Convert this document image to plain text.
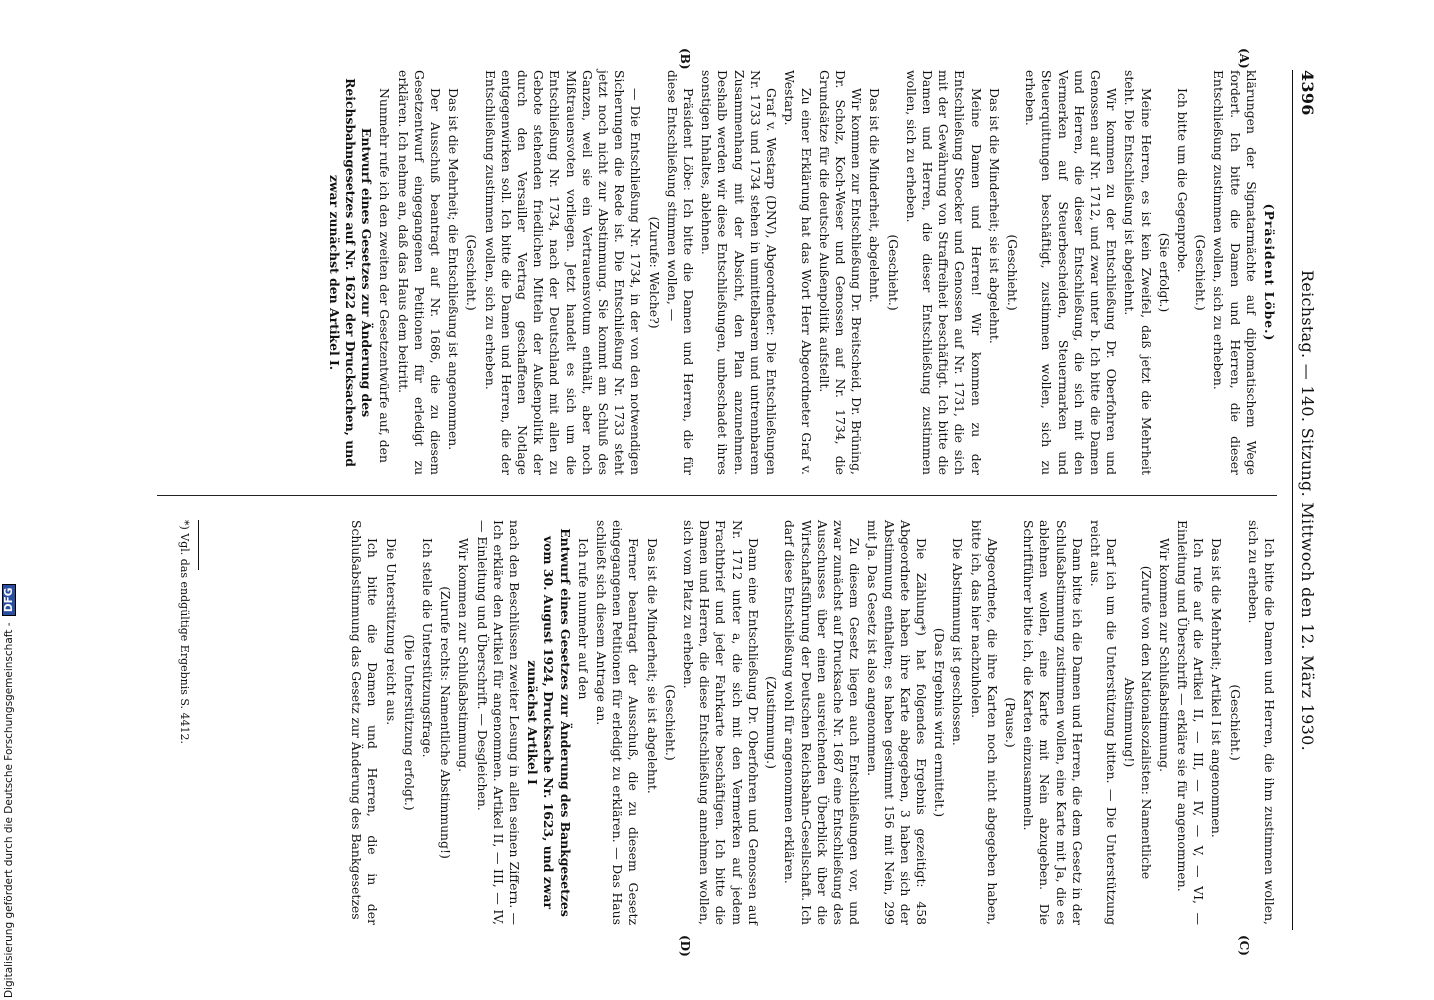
4396
Reichstag. — 140. Sitzung. Mittwoch den 12. März 1930.
(A)
(B)
(C)
(D)

(Präsident Löbe.)

klärungen der Signatarmächte auf diplomatischem Wege fordert. Ich bitte die Damen und Herren, die dieser Entschließung zustimmen wollen, sich zu erheben.

(Geschieht.)

Ich bitte um die Gegenprobe.

(Sie erfolgt.)

Meine Herren, es ist kein Zweifel, daß jetzt die Mehrheit steht. Die Entschließung ist abgelehnt.

Wir kommen zu der Entschließung Dr. Oberfohren und Genossen auf Nr. 1712, und zwar unter b. Ich bitte die Damen und Herren, die dieser Entschließung, die sich mit den Vermerken auf Steuerbescheiden, Steuermarken und Steuerquittungen beschäftigt, zustimmen wollen, sich zu erheben.

(Geschieht.)

Das ist die Minderheit; sie ist abgelehnt.

Meine Damen und Herren! Wir kommen zu der Entschließung Stoecker und Genossen auf Nr. 1731, die sich mit der Gewährung von Straffreiheit beschäftigt. Ich bitte die Damen und Herren, die dieser Entschließung zustimmen wollen, sich zu erheben.

(Geschieht.)

Das ist die Minderheit, abgelehnt.

Wir kommen zur Entschließung Dr. Breitscheid, Dr. Brüning, Dr. Scholz, Koch-Weser und Genossen auf Nr. 1734, die Grundsätze für die deutsche Außenpolitik aufstellt.

Zu einer Erklärung hat das Wort Herr Abgeordneter Graf v. Westarp.

Graf v. Westarp (DNV), Abgeordneter: Die Entschließungen Nr. 1733 und 1734 stehen in unmittelbarem und untrennbarem Zusammenhang mit der Absicht, den Plan anzunehmen. Deshalb werden wir diese Entschließungen, unbeschadet ihres sonstigen Inhaltes, ablehnen.

Präsident Löbe: Ich bitte die Damen und Herren, die für diese Entschließung stimmen wollen, —

(Zurufe: Welche?)

— Die Entschließung Nr. 1734, in der von den notwendigen Sicherungen die Rede ist. Die Entschließung Nr. 1733 steht jetzt noch nicht zur Abstimmung. Sie kommt am Schluß des Ganzen, weil sie ein Vertrauensvotum enthält, aber noch Mißtrauensvoten vorliegen. Jetzt handelt es sich um die Entschließung Nr. 1734, nach der Deutschland mit allen zu Gebote stehenden friedlichen Mitteln der Außenpolitik der durch den Versailler Vertrag geschaffenen Notlage entgegenwirken soll. Ich bitte die Damen und Herren, die der Entschließung zustimmen wollen, sich zu erheben.

(Geschieht.)

Das ist die Mehrheit; die Entschließung ist angenommen.

Der Ausschuß beantragt auf Nr. 1686, die zu diesem Gesetzentwurf eingegangenen Petitionen für erledigt zu erklären. Ich nehme an, daß das Haus dem beitritt.

Nunmehr rufe ich den zweiten der Gesetzentwürfe auf, den

Entwurf eines Gesetzes zur Änderung des Reichsbahngesetzes auf Nr. 1622 der Drucksachen, und zwar zunächst den Artikel I.

Ich bitte die Damen und Herren, die ihm zustimmen wollen, sich zu erheben.

(Geschieht.)

Das ist die Mehrheit; Artikel I ist angenommen.

Ich rufe auf die Artikel II, — III, — IV, — V, — VI, — Einleitung und Überschrift — erkläre sie für angenommen.

Wir kommen zur Schlußabstimmung.

(Zurufe von den Nationalsozialisten: Namentliche Abstimmung!)

Darf ich um die Unterstützung bitten. — Die Unterstützung reicht aus.

Dann bitte ich die Damen und Herren, die dem Gesetz in der Schlußabstimmung zustimmen wollen, eine Karte mit Ja, die es ablehnen wollen, eine Karte mit Nein abzugeben. Die Schriftführer bitte ich, die Karten einzusammeln.

(Pause.)

Abgeordnete, die ihre Karten noch nicht abgegeben haben, bitte ich, das hier nachzuholen.

Die Abstimmung ist geschlossen.

(Das Ergebnis wird ermittelt.)

Die Zählung*) hat folgendes Ergebnis gezeitigt: 458 Abgeordnete haben ihre Karte abgegeben, 3 haben sich der Abstimmung enthalten; es haben gestimmt 156 mit Nein, 299 mit Ja. Das Gesetz ist also angenommen.

Zu diesem Gesetz liegen auch Entschließungen vor, und zwar zunächst auf Drucksache Nr. 1687 eine Entschließung des Ausschusses über einen ausreichenden Überblick über die Wirtschaftsführung der Deutschen Reichsbahn-Gesellschaft. Ich darf diese Entschließung wohl für angenommen erklären.

(Zustimmung.)

Dann eine Entschließung Dr. Oberfohren und Genossen auf Nr. 1712 unter a, die sich mit den Vermerken auf jedem Frachtbrief und jeder Fahrkarte beschäftigen. Ich bitte die Damen und Herren, die diese Entschließung annehmen wollen, sich vom Platz zu erheben.

(Geschieht.)

Das ist die Minderheit; sie ist abgelehnt.

Ferner beantragt der Ausschuß, die zu diesem Gesetz eingegangenen Petitionen für erledigt zu erklären. — Das Haus schließt sich diesem Antrage an.

Ich rufe nunmehr auf den

Entwurf eines Gesetzes zur Änderung des Bankgesetzes vom 30. August 1924, Drucksache Nr. 1623, und zwar zunächst Artikel I

nach den Beschlüssen zweiter Lesung in allen seinen Ziffern. — Ich erkläre den Artikel für angenommen. Artikel II, — III, — IV, — Einleitung und Überschrift. — Desgleichen.

Wir kommen zur Schlußabstimmung.

(Zurufe rechts: Namentliche Abstimmung!)

Ich stelle die Unterstützungsfrage.

(Die Unterstützung erfolgt.)

Die Unterstützung reicht aus.

Ich bitte die Damen und Herren, die in der Schlußabstimmung das Gesetz zur Änderung des Bankgesetzes

*) Vgl. das endgültige Ergebnis S. 4412.
Digitalisierung gefördert durch die Deutsche Forschungsgemeinschaft - DFG
